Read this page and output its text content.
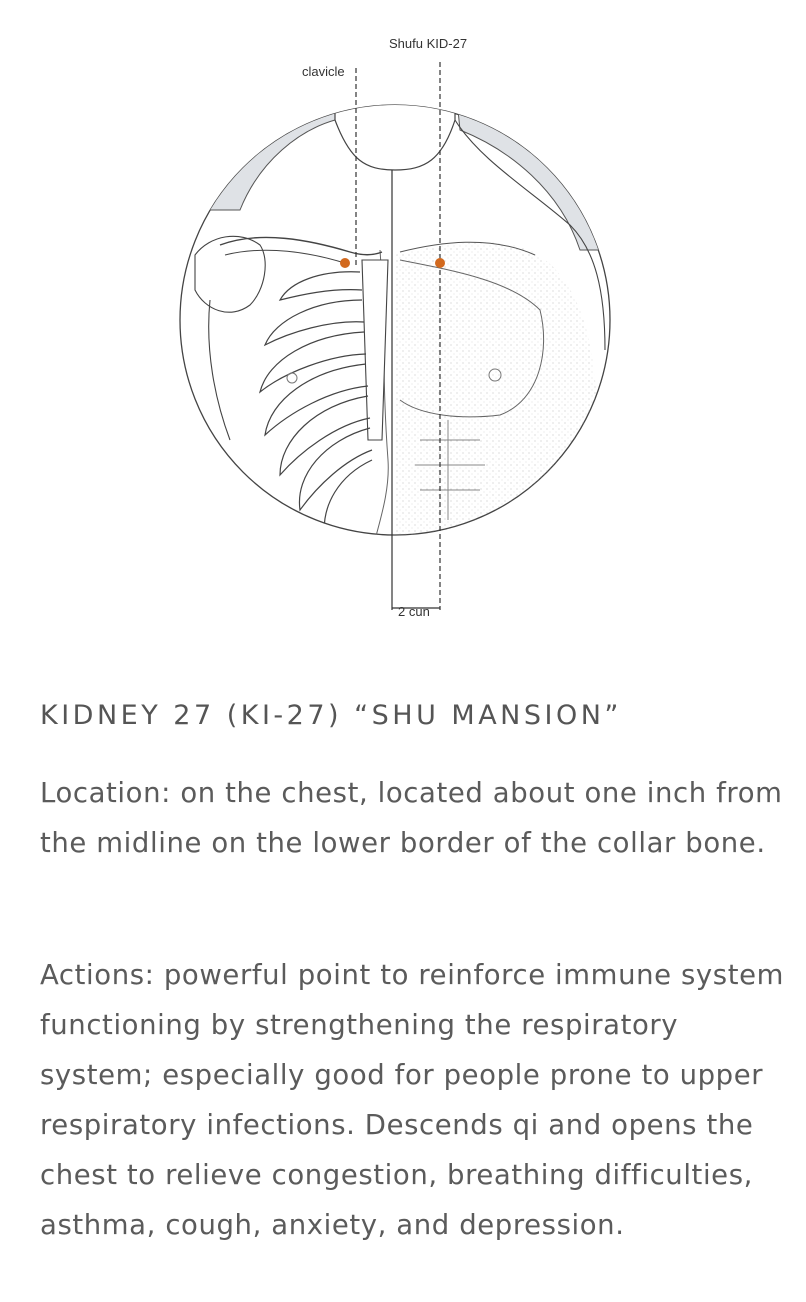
Shufu KID-27
clavicle
2 cun
KIDNEY 27 (KI-27) “SHU MANSION”

Location: on the chest, located about one inch from the midline on the lower border of the collar bone.

Actions: powerful point to reinforce immune system functioning by strengthening the respiratory system; especially good for people prone to upper respiratory infections. Descends qi and opens the chest to relieve congestion, breathing difficulties, asthma, cough, anxiety, and depression.
